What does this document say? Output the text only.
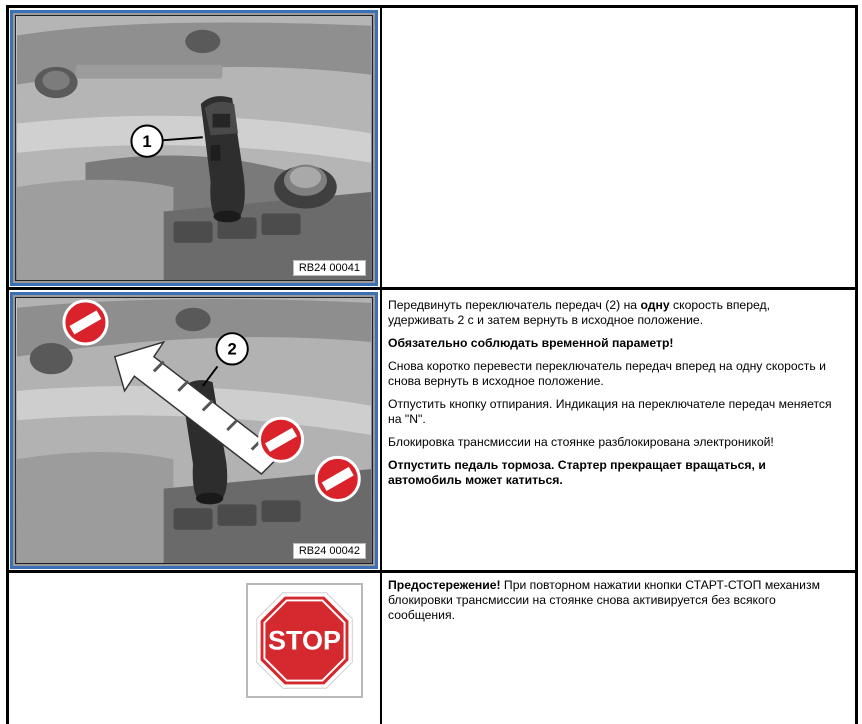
1
RB24 00041
2
RB24 00042

Передвинуть переключатель передач (2) на одну скорость вперед, удерживать 2 с и затем вернуть в исходное положение.

Обязательно соблюдать временной параметр!

Снова коротко перевести переключатель передач вперед на одну скорость и снова вернуть в исходное положение.

Отпустить кнопку отпирания. Индикация на переключателе передач меняется на "N".

Блокировка трансмиссии на стоянке разблокирована электроникой!

Отпустить педаль тормоза. Стартер прекращает вращаться, и автомобиль может катиться.

STOP

Предостережение! При повторном нажатии кнопки СТАРТ-СТОП механизм блокировки трансмиссии на стоянке снова активируется без всякого сообщения.
